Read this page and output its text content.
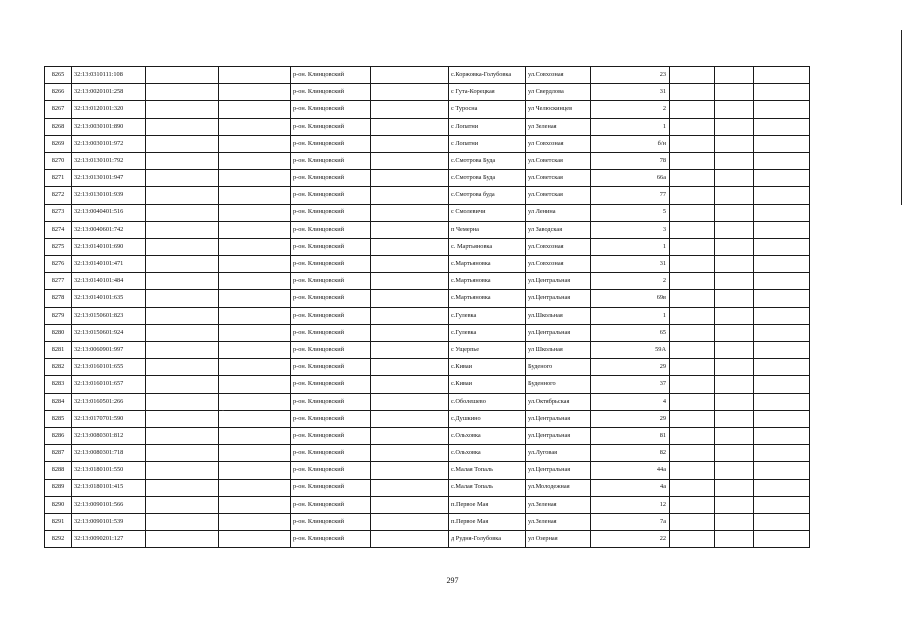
8265	32:13:0310111:108			р-он. Клинцовский		с.Коржовка-Голубовка	ул.Совхозная	23			
8266	32:13:0020101:258			р-он. Клинцовский		с Гута-Корецкая	ул Свердлова	31			
8267	32:13:0120101:320			р-он. Клинцовский		с Туросна	ул Челюскинцев	2			
8268	32:13:0030101:890			р-он. Клинцовский		с Лопатни	ул Зеленая	1			
8269	32:13:0030101:972			р-он. Клинцовский		с Лопатни	ул Совхозная	б/н			
8270	32:13:0130101:792			р-он. Клинцовский		с.Смотрова Буда	ул.Советская	78			
8271	32:13:0130101:947			р-он. Клинцовский		с.Смотрова Буда	ул.Советская	66а			
8272	32:13:0130101:939			р-он. Клинцовский		с.Смотрова буда	ул.Советская	77			
8273	32:13:0040401:516			р-он. Клинцовский		с Смолевичи	ул Ленина	5			
8274	32:13:0040601:742			р-он. Клинцовский		п Чемерна	ул Заводская	3			
8275	32:13:0140101:690			р-он. Клинцовский		с. Мартьяновка	ул.Совхозная	1			
8276	32:13:0140101:471			р-он. Клинцовский		с.Мартьяновка	ул.Совхозная	31			
8277	32:13:0140101:484			р-он. Клинцовский		с.Мартьяновка	ул.Центральная	2			
8278	32:13:0140101:635			р-он. Клинцовский		с.Мартьяновка	ул.Центральная	69в			
8279	32:13:0150601:823			р-он. Клинцовский		с.Гулевка	ул.Школьная	1			
8280	32:13:0150601:924			р-он. Клинцовский		с.Гулевка	ул.Центральная	65			
8281	32:13:0060901:997			р-он. Клинцовский		с Ущерпье	ул Школьная	59А			
8282	32:13:0160101:655			р-он. Клинцовский		с.Киваи	Буденого	29			
8283	32:13:0160101:657			р-он. Клинцовский		с.Киваи	Буденного	37			
8284	32:13:0160501:266			р-он. Клинцовский		с.Оболешево	ул.Октябрьская	4			
8285	32:13:0170701:590			р-он. Клинцовский		с.Душкино	ул.Центральная	29			
8286	32:13:0080301:812			р-он. Клинцовский		с.Ольховка	ул.Центральная	81			
8287	32:13:0080301:718			р-он. Клинцовский		с.Ольховка	ул.Луговая	82			
8288	32:13:0180101:550			р-он. Клинцовский		с.Малая Топаль	ул.Центральная	44а			
8289	32:13:0180101:415			р-он. Клинцовский		с.Малая Топаль	ул.Молодежная	4а			
8290	32:13:0090101:566			р-он. Клинцовский		п.Первое Мая	ул.Зеленая	12			
8291	32:13:0090101:539			р-он. Клинцовский		п.Первое Мая	ул.Зеленая	7а			
8292	32:13:0090201:127			р-он. Клинцовский		д Рудня-Голубовка	ул Озерная	22			
297
